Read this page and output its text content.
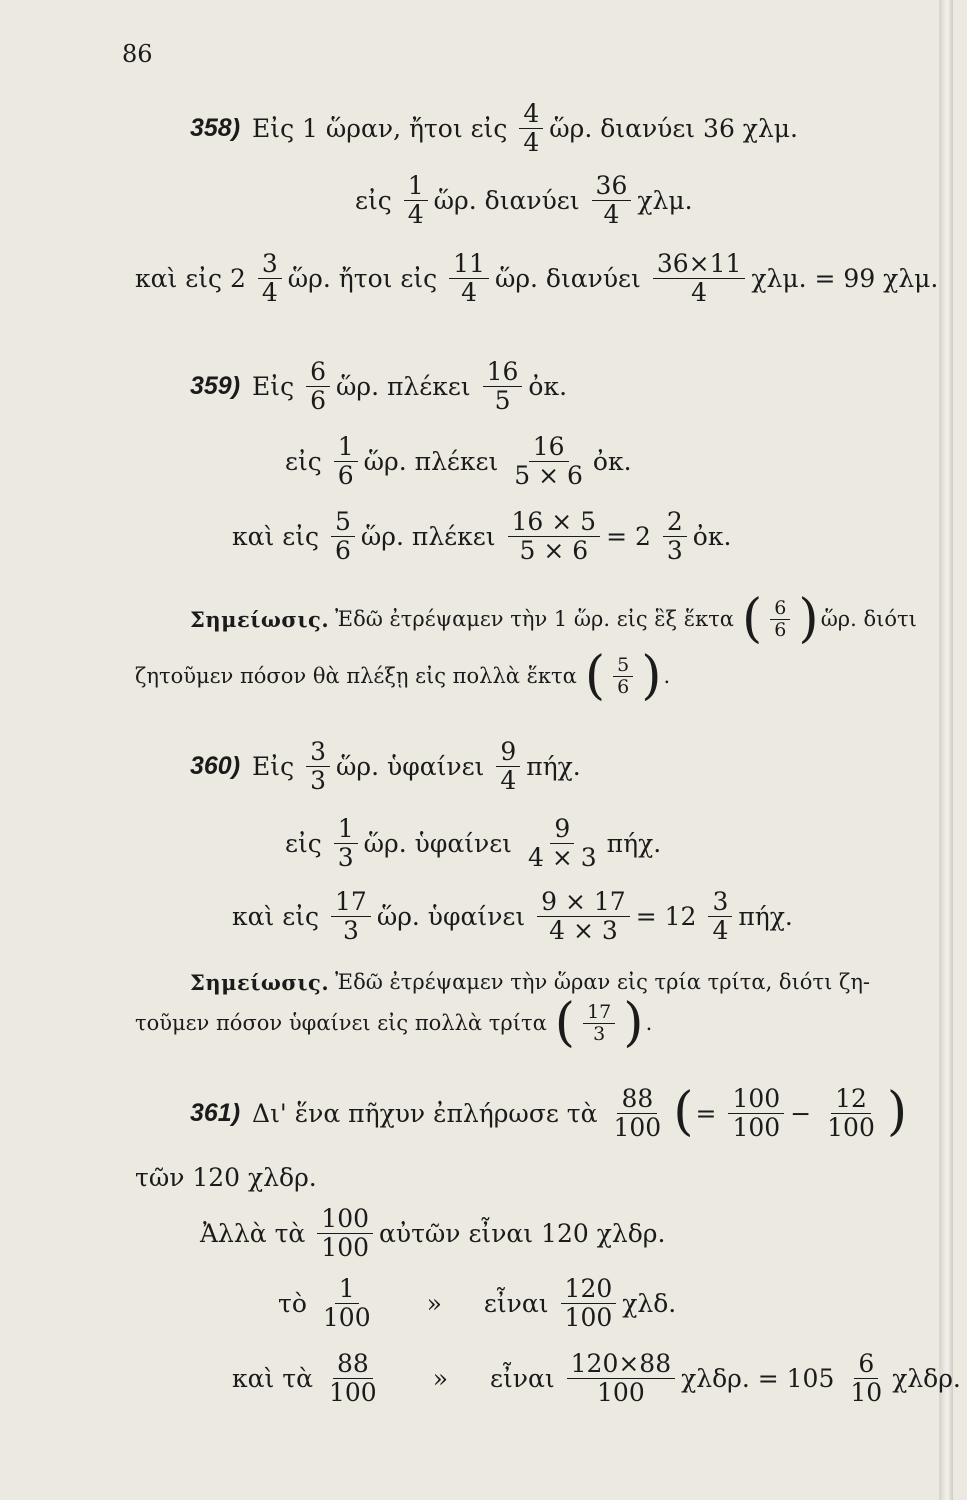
86
358) Εἰς 1 ὥραν, ἤτοι εἰς $\frac{4}{4}$ ὥρ. διανύει 36 χλμ.
εἰς $\frac{1}{4}$ ὥρ. διανύει $\frac{36}{4} \chi\lambda\mu$.
καὶ εἰς $2 \frac{3}{4}$ ὥρ. ἤτοι εἰς $\frac{11}{4}$ ὥρ. διανύει $\frac{36\times 11}{4} \chi\lambda\mu$. = 99 χλμ.
359) Εἰς $\frac{6}{6}$ ὥρ. πλέκει $\frac{16}{5}$ ὀκ.
εἰς $\frac{1}{6}$ ὥρ. πλέκει $\frac{16}{5 \times 6}$ ὀκ.
καὶ εἰς $\frac{5}{6}$ ὥρ. πλέκει $\frac{16 \times 5}{5 \times 6} = 2 \frac{2}{3}$ ὀκ.
Σημείωσις. Ἐδῶ ἐτρέψαμεν τὴν 1 ὥρ. εἰς ἓξ ἕκτα ( $\frac{6}{6}$ ) ὥρ. διότι
ζητοῦμεν πόσον θὰ πλέξῃ εἰς πολλὰ ἕκτα ( $\frac{5}{6}$ ) .
360) Εἰς $\frac{3}{3}$ ὥρ. ὑφαίνει $\frac{9}{4} \pi ή\chi$.
εἰς $\frac{1}{3}$ ὥρ. ὑφαίνει $\frac{9}{4 \times 3} \pi ή\chi$.
καὶ εἰς $\frac{17}{3}$ ὥρ. ὑφαίνει $\frac{9 \times 17}{4 \times 3} = 12 \frac{3}{4} \pi ή\chi$.
Σημείωσις. Ἐδῶ ἐτρέψαμεν τὴν ὥραν εἰς τρία τρίτα, διότι ζη-
τοῦμεν πόσον ὑφαίνει εἰς πολλὰ τρίτα ( $\frac{17}{3}$ ) .
361) Δι' ἕνα πῆχυν ἐπλήρωσε τὰ $\frac{88}{100}$ ( = $\frac{100}{100} - \frac{12}{100}$ )
τῶν 120 χλδρ.
Ἀλλὰ τὰ $\frac{100}{100}$ αὐτῶν εἶναι 120 χλδρ.
τὸ $\frac{1}{100}$ » εἶναι $\frac{120}{100} \chi\lambda\delta$.
καὶ τὰ $\frac{88}{100}$ » εἶναι $\frac{120\times 88}{100} \chi\lambda\delta\rho$. = $105 \frac{6}{10} \chi\lambda\delta\rho$.
